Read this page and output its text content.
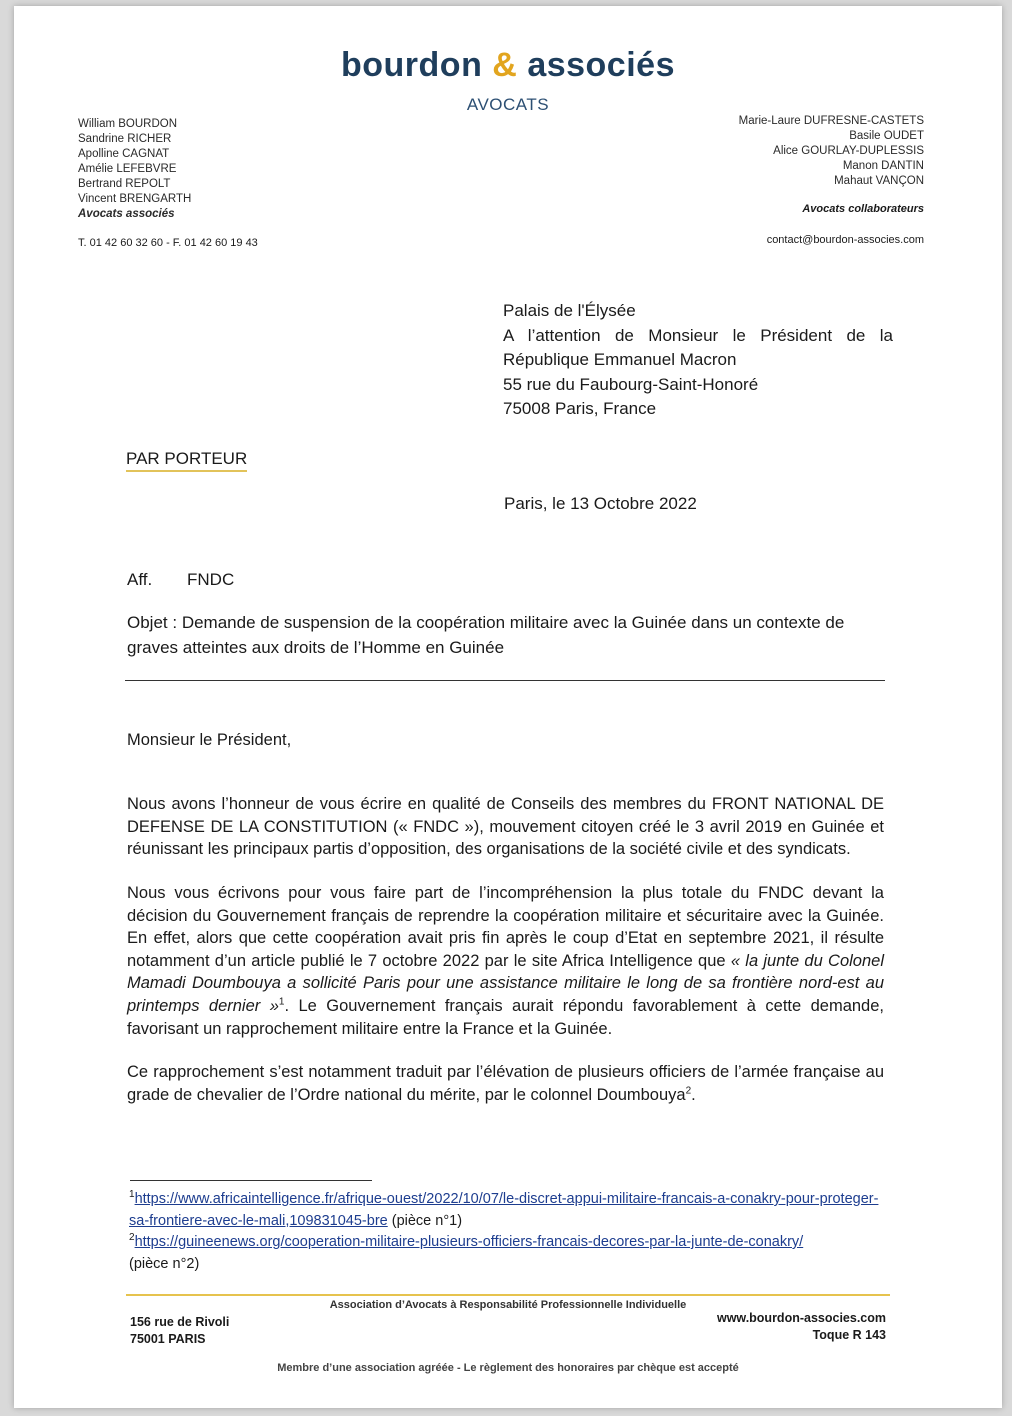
bourdon & associés
AVOCATS
William BOURDON
Sandrine RICHER
Apolline CAGNAT
Amélie LEFEBVRE
Bertrand REPOLT
Vincent BRENGARTH
Avocats associés
Marie-Laure DUFRESNE-CASTETS
Basile OUDET
Alice GOURLAY-DUPLESSIS
Manon DANTIN
Mahaut VANÇON
Avocats collaborateurs
T. 01 42 60 32 60 - F. 01 42 60 19 43	contact@bourdon-associes.com
Palais de l'Élysée
A l’attention de Monsieur le Président de la République Emmanuel Macron
55 rue du Faubourg-Saint-Honoré
75008 Paris, France
PAR PORTEUR
Paris, le 13 Octobre 2022
Aff. FNDC
Objet : Demande de suspension de la coopération militaire avec la Guinée dans un contexte de graves atteintes aux droits de l’Homme en Guinée
Monsieur le Président,
Nous avons l’honneur de vous écrire en qualité de Conseils des membres du FRONT NATIONAL DE DEFENSE DE LA CONSTITUTION (« FNDC »), mouvement citoyen créé le 3 avril 2019 en Guinée et réunissant les principaux partis d’opposition, des organisations de la société civile et des syndicats.
Nous vous écrivons pour vous faire part de l’incompréhension la plus totale du FNDC devant la décision du Gouvernement français de reprendre la coopération militaire et sécuritaire avec la Guinée. En effet, alors que cette coopération avait pris fin après le coup d’Etat en septembre 2021, il résulte notamment d’un article publié le 7 octobre 2022 par le site Africa Intelligence que « la junte du Colonel Mamadi Doumbouya a sollicité Paris pour une assistance militaire le long de sa frontière nord-est au printemps dernier »$^1$. Le Gouvernement français aurait répondu favorablement à cette demande, favorisant un rapprochement militaire entre la France et la Guinée.
Ce rapprochement s’est notamment traduit par l’élévation de plusieurs officiers de l’armée française au grade de chevalier de l’Ordre national du mérite, par le colonnel Doumbouya$^2$.
$^1$https://www.africaintelligence.fr/afrique-ouest/2022/10/07/le-discret-appui-militaire-francais-a-conakry-pour-proteger-sa-frontiere-avec-le-mali,109831045-bre (pièce n°1)
$^2$https://guineenews.org/cooperation-militaire-plusieurs-officiers-francais-decores-par-la-junte-de-conakry/
(pièce n°2)
Association d’Avocats à Responsabilité Professionnelle Individuelle
156 rue de Rivoli
75001 PARIS
www.bourdon-associes.com
Toque R 143
Membre d’une association agréée - Le règlement des honoraires par chèque est accepté
